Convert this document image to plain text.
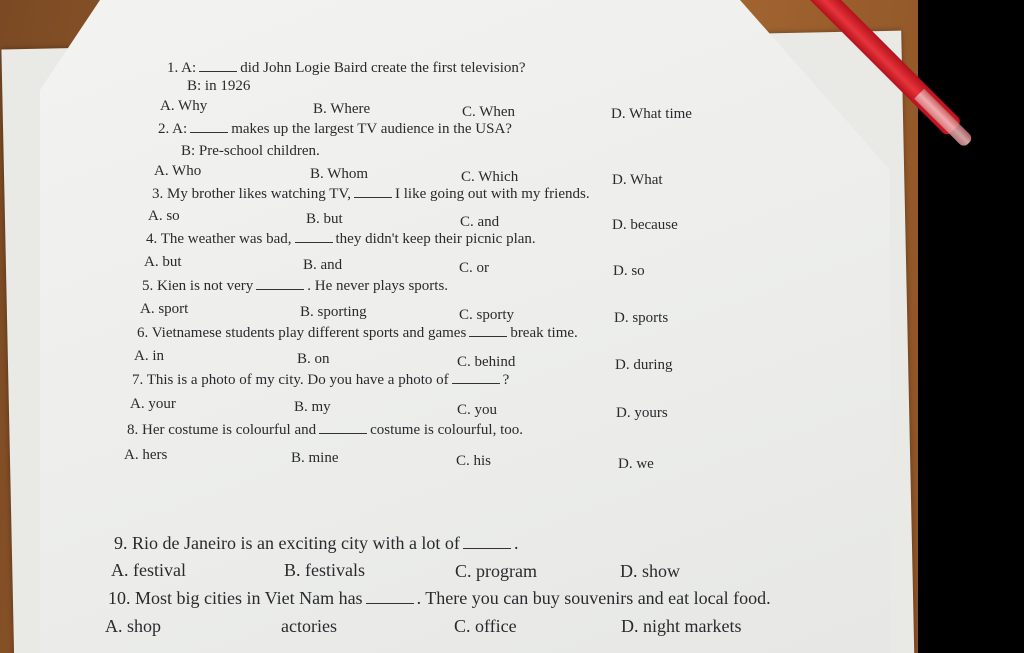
1. A:	did John Logie Baird create the first television?
B: in 1926
A. Why	B. Where	C. When	D. What time
2. A:	makes up the largest TV audience in the USA?
B: Pre-school children.
A. Who	B. Whom	C. Which	D. What
3. My brother likes watching TV,	I like going out with my friends.
A. so	B. but	C. and	D. because
4. The weather was bad,	they didn't keep their picnic plan.
A. but	B. and	C. or	D. so
5. Kien is not very	. He never plays sports.
A. sport	B. sporting	C. sporty	D. sports
6. Vietnamese students play different sports and games	break time.
A. in	B. on	C. behind	D. during
7. This is a photo of my city. Do you have a photo of	?
A. your	B. my	C. you	D. yours
8. Her costume is colourful and	costume is colourful, too.
A. hers	B. mine	C. his	D. we
9. Rio de Janeiro is an exciting city with a lot of	.
A. festival	B. festivals	C. program	D. show
10. Most big cities in Viet Nam has	. There you can buy souvenirs and eat local food.
A. shop	actories	C. office	D. night markets
